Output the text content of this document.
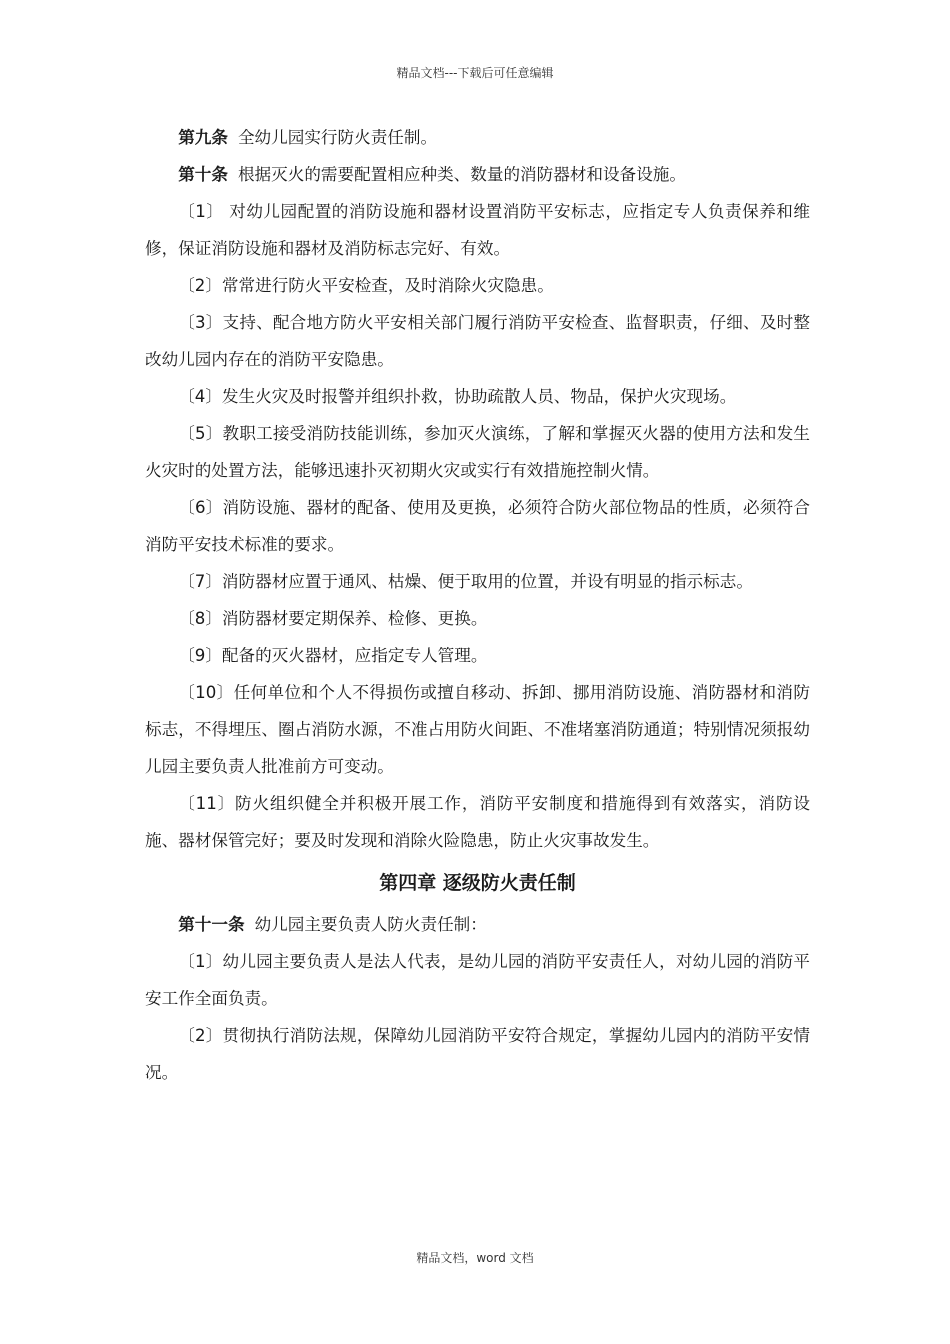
精品文档---下载后可任意编辑

第九条 全幼儿园实行防火责任制。

第十条 根据灭火的需要配置相应种类、数量的消防器材和设备设施。

〔1〕 对幼儿园配置的消防设施和器材设置消防平安标志，应指定专人负责保养和维修，保证消防设施和器材及消防标志完好、有效。

〔2〕常常进行防火平安检查，及时消除火灾隐患。

〔3〕支持、配合地方防火平安相关部门履行消防平安检查、监督职责，仔细、及时整改幼儿园内存在的消防平安隐患。

〔4〕发生火灾及时报警并组织扑救，协助疏散人员、物品，保护火灾现场。

〔5〕教职工接受消防技能训练，参加灭火演练，了解和掌握灭火器的使用方法和发生火灾时的处置方法，能够迅速扑灭初期火灾或实行有效措施控制火情。

〔6〕消防设施、器材的配备、使用及更换，必须符合防火部位物品的性质，必须符合消防平安技术标准的要求。

〔7〕消防器材应置于通风、枯燥、便于取用的位置，并设有明显的指示标志。

〔8〕消防器材要定期保养、检修、更换。

〔9〕配备的灭火器材，应指定专人管理。

〔10〕任何单位和个人不得损伤或擅自移动、拆卸、挪用消防设施、消防器材和消防标志，不得埋压、圈占消防水源，不准占用防火间距、不准堵塞消防通道；特别情况须报幼儿园主要负责人批准前方可变动。

〔11〕防火组织健全并积极开展工作，消防平安制度和措施得到有效落实，消防设施、器材保管完好；要及时发现和消除火险隐患，防止火灾事故发生。

第四章 逐级防火责任制

第十一条 幼儿园主要负责人防火责任制：

〔1〕幼儿园主要负责人是法人代表，是幼儿园的消防平安责任人，对幼儿园的消防平安工作全面负责。

〔2〕贯彻执行消防法规，保障幼儿园消防平安符合规定，掌握幼儿园内的消防平安情况。

精品文档，word 文档
